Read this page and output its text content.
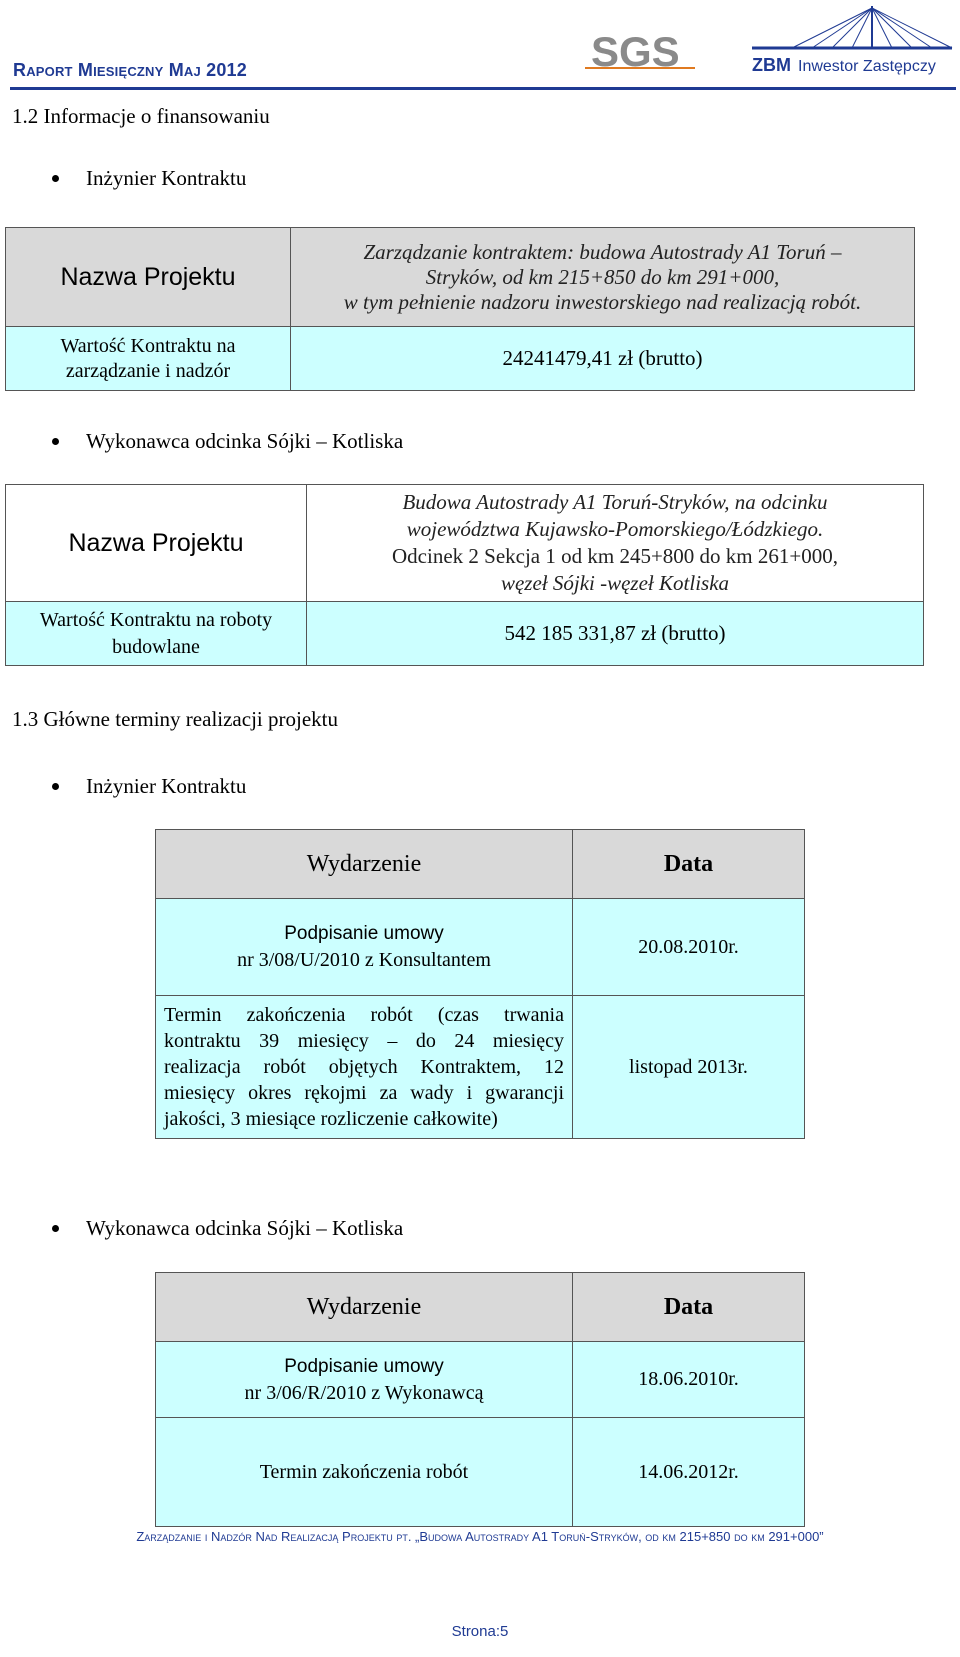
Raport Miesięczny Maj 2012	SGS	ZBM Inwestor Zastępczy
1.2 Informacje o finansowaniu
Inżynier Kontraktu
Nazwa Projektu	Zarządzanie kontraktem: budowa Autostrady A1 Toruń –
Stryków, od km 215+850 do km 291+000,
w tym pełnienie nadzoru inwestorskiego nad realizacją robót.

Wartość Kontraktu na
zarządzanie i nadzór	24241479,41 zł (brutto)
Wykonawca odcinka Sójki – Kotliska
Nazwa Projektu	Budowa Autostrady A1 Toruń-Stryków, na odcinku
województwa Kujawsko-Pomorskiego/Łódzkiego.
Odcinek 2 Sekcja 1 od km 245+800 do km 261+000,
węzeł Sójki -węzeł Kotliska

Wartość Kontraktu na roboty
budowlane	542 185 331,87 zł (brutto)
1.3 Główne terminy realizacji projektu
Inżynier Kontraktu
Wydarzenie	Data

Podpisanie umowy
nr 3/08/U/2010 z Konsultantem	20.08.2010r.
Termin zakończenia robót (czas trwania kontraktu 39 miesięcy – do 24 miesięcy realizacja robót objętych Kontraktem, 12 miesięcy okres rękojmi za wady i gwarancji jakości, 3 miesiące rozliczenie całkowite)	listopad 2013r.
Wykonawca odcinka Sójki – Kotliska
Wydarzenie	Data

Podpisanie umowy
nr 3/06/R/2010 z Wykonawcą	18.06.2010r.
Termin zakończenia robót	14.06.2012r.
Zarządzanie i Nadzór Nad Realizacją Projektu pt. „Budowa Autostrady A1 Toruń-Stryków, od km 215+850 do km 291+000”
Strona:5
